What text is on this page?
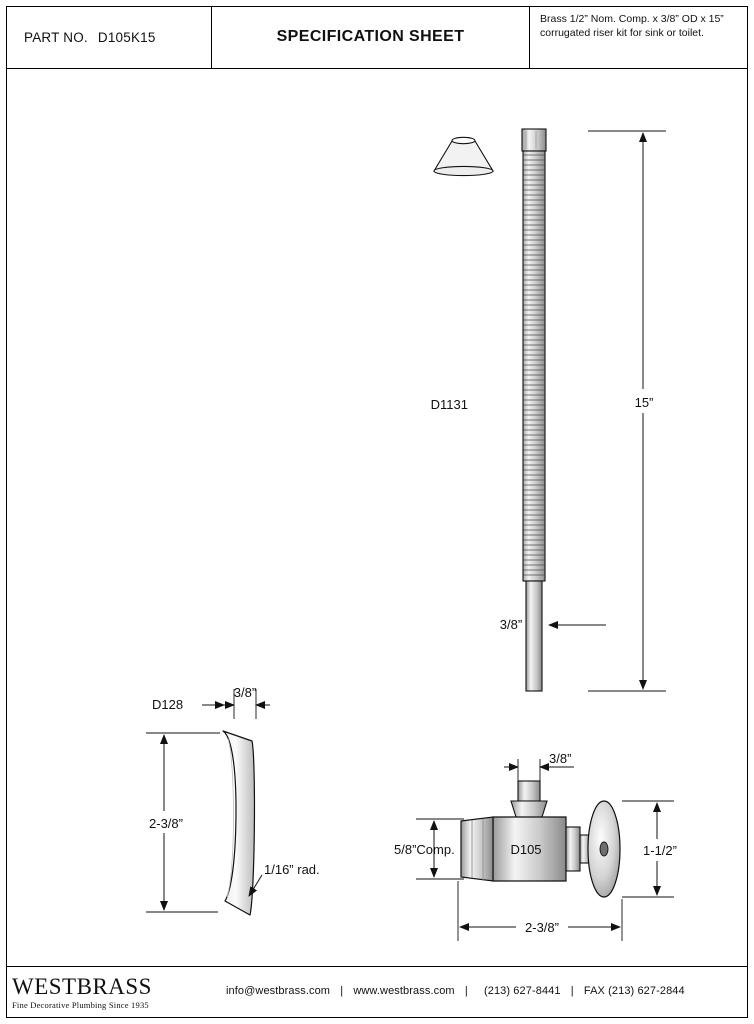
PART NO. D105K15	SPECIFICATION SHEET
Brass 1/2” Nom. Comp. x 3/8” OD x 15” corrugated riser kit for sink or toilet.
D1131	15”
3/8”
D128
3/8”
2-3/8”
1/16” rad.
D105
3/8”
5/8”Comp.	1-1/2”
2-3/8”
WESTBRASS
Fine Decorative Plumbing Since 1935
info@westbrass.com | www.westbrass.com | (213) 627-8441 | FAX (213) 627-2844
